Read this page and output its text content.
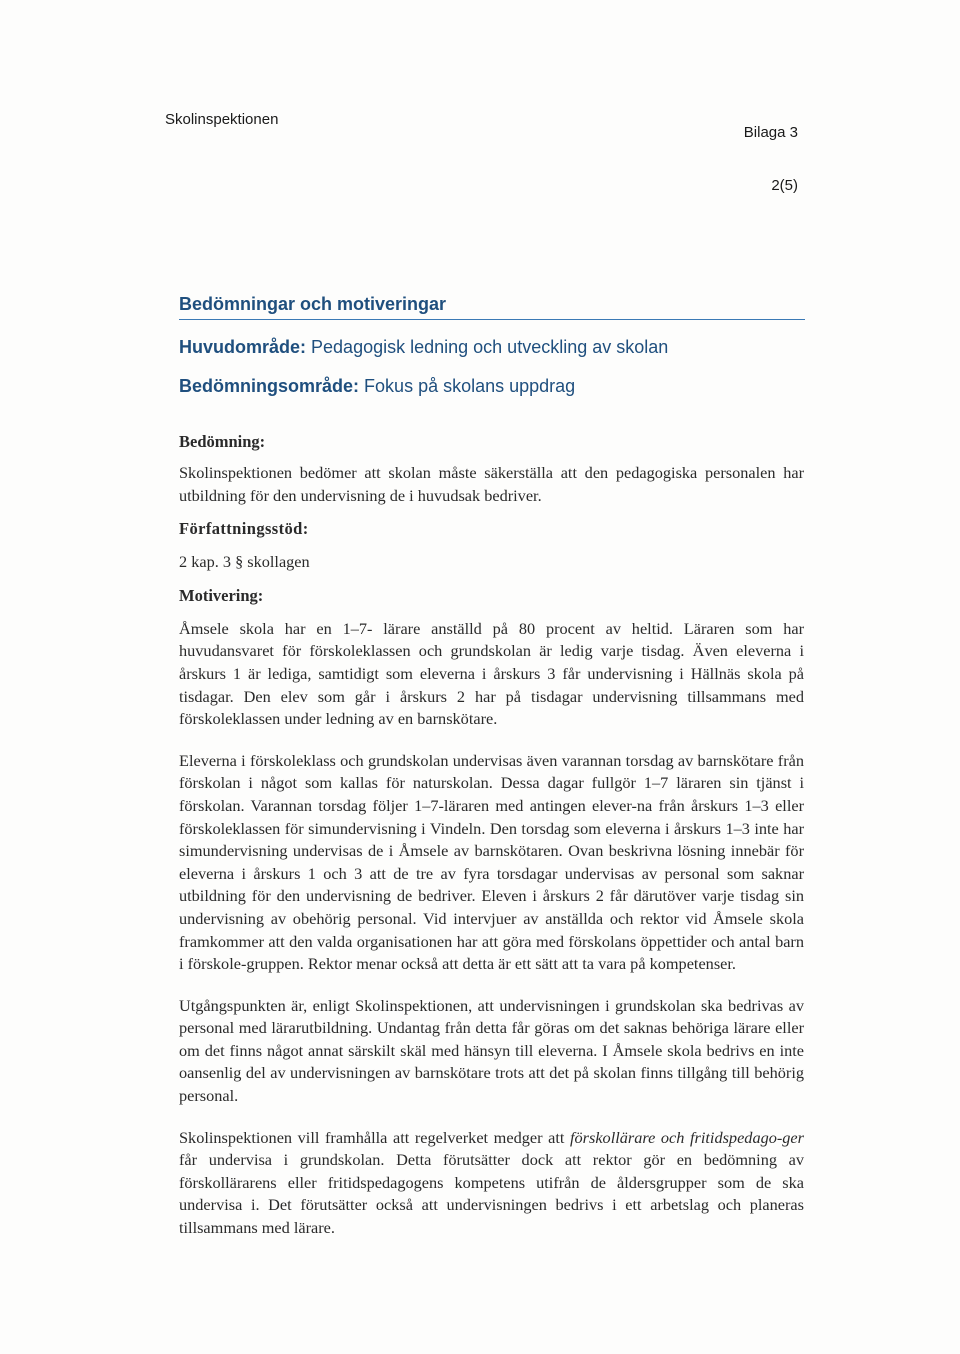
Skolinspektionen
Bilaga 3
2(5)
Bedömningar och motiveringar
Huvudområde: Pedagogisk ledning och utveckling av skolan
Bedömningsområde: Fokus på skolans uppdrag
Bedömning:

Skolinspektionen bedömer att skolan måste säkerställa att den pedagogiska personalen har utbildning för den undervisning de i huvudsak bedriver.

Författningsstöd:

2 kap. 3 § skollagen

Motivering:

Åmsele skola har en 1–7- lärare anställd på 80 procent av heltid. Läraren som har huvudansvaret för förskoleklassen och grundskolan är ledig varje tisdag. Även eleverna i årskurs 1 är lediga, samtidigt som eleverna i årskurs 3 får undervisning i Hällnäs skola på tisdagar. Den elev som går i årskurs 2 har på tisdagar undervisning tillsammans med förskoleklassen under ledning av en barnskötare.

Eleverna i förskoleklass och grundskolan undervisas även varannan torsdag av barnskötare från förskolan i något som kallas för naturskolan. Dessa dagar fullgör 1–7 läraren sin tjänst i förskolan. Varannan torsdag följer 1–7-läraren med antingen elever-na från årskurs 1–3 eller förskoleklassen för simundervisning i Vindeln. Den torsdag som eleverna i årskurs 1–3 inte har simundervisning undervisas de i Åmsele av barnskötaren. Ovan beskrivna lösning innebär för eleverna i årskurs 1 och 3 att de tre av fyra torsdagar undervisas av personal som saknar utbildning för den undervisning de bedriver. Eleven i årskurs 2 får därutöver varje tisdag sin undervisning av obehörig personal. Vid intervjuer av anställda och rektor vid Åmsele skola framkommer att den valda organisationen har att göra med förskolans öppettider och antal barn i förskole-gruppen. Rektor menar också att detta är ett sätt att ta vara på kompetenser.

Utgångspunkten är, enligt Skolinspektionen, att undervisningen i grundskolan ska bedrivas av personal med lärarutbildning. Undantag från detta får göras om det saknas behöriga lärare eller om det finns något annat särskilt skäl med hänsyn till eleverna. I Åmsele skola bedrivs en inte oansenlig del av undervisningen av barnskötare trots att det på skolan finns tillgång till behörig personal.

Skolinspektionen vill framhålla att regelverket medger att förskollärare och fritidspedago-ger får undervisa i grundskolan. Detta förutsätter dock att rektor gör en bedömning av förskollärarens eller fritidspedagogens kompetens utifrån de åldersgrupper som de ska undervisa i. Det förutsätter också att undervisningen bedrivs i ett arbetslag och planeras tillsammans med lärare.
